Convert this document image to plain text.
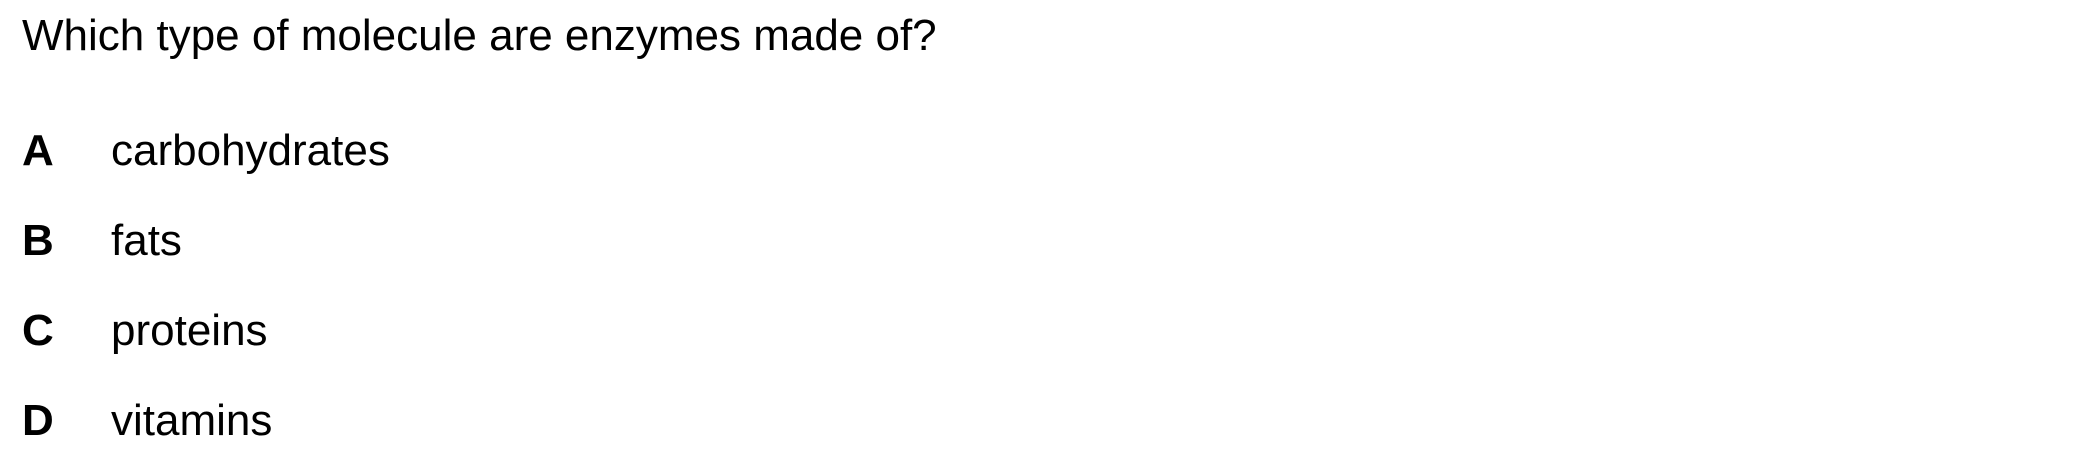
Which type of molecule are enzymes made of?
A	carbohydrates
B	fats
C	proteins
D	vitamins
